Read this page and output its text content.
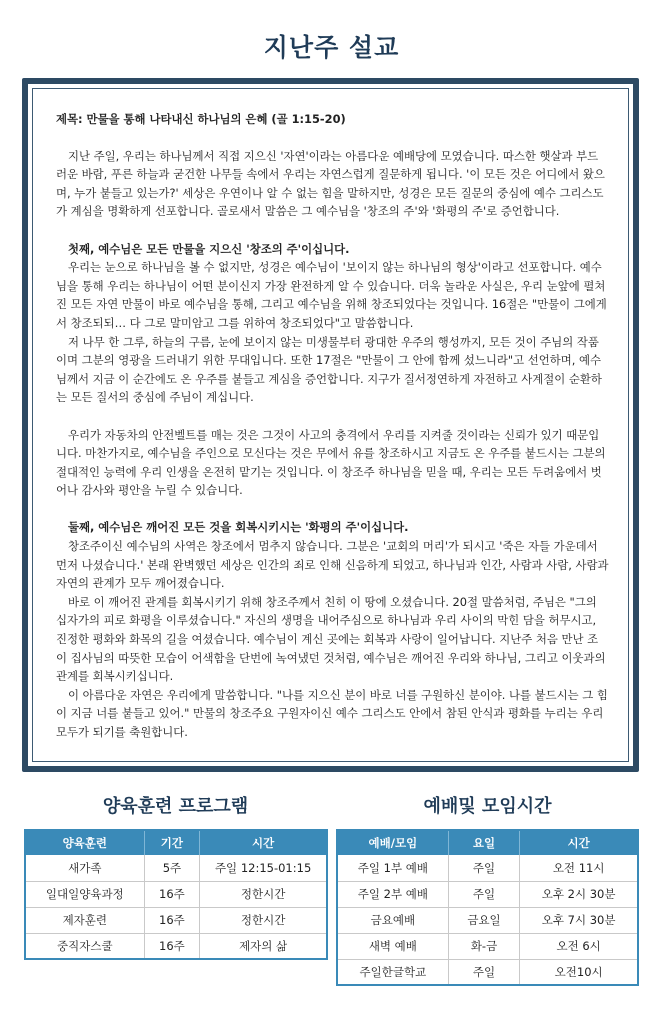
지난주 설교
제목: 만물을 통해 나타내신 하나님의 은혜 (골 1:15-20)

지난 주일, 우리는 하나님께서 직접 지으신 '자연'이라는 아름다운 예배당에 모였습니다. 따스한 햇살과 부드러운 바람, 푸른 하늘과 굳건한 나무들 속에서 우리는 자연스럽게 질문하게 됩니다. '이 모든 것은 어디에서 왔으며, 누가 붙들고 있는가?' 세상은 우연이나 알 수 없는 힘을 말하지만, 성경은 모든 질문의 중심에 예수 그리스도가 계심을 명확하게 선포합니다. 골로새서 말씀은 그 예수님을 '창조의 주'와 '화평의 주'로 증언합니다.

첫째, 예수님은 모든 만물을 지으신 '창조의 주'이십니다.

우리는 눈으로 하나님을 볼 수 없지만, 성경은 예수님이 '보이지 않는 하나님의 형상'이라고 선포합니다. 예수님을 통해 우리는 하나님이 어떤 분이신지 가장 완전하게 알 수 있습니다. 더욱 놀라운 사실은, 우리 눈앞에 펼쳐진 모든 자연 만물이 바로 예수님을 통해, 그리고 예수님을 위해 창조되었다는 것입니다. 16절은 "만물이 그에게서 창조되되… 다 그로 말미암고 그를 위하여 창조되었다"고 말씀합니다.

저 나무 한 그루, 하늘의 구름, 눈에 보이지 않는 미생물부터 광대한 우주의 행성까지, 모든 것이 주님의 작품이며 그분의 영광을 드러내기 위한 무대입니다. 또한 17절은 "만물이 그 안에 함께 섰느니라"고 선언하며, 예수님께서 지금 이 순간에도 온 우주를 붙들고 계심을 증언합니다. 지구가 질서정연하게 자전하고 사계절이 순환하는 모든 질서의 중심에 주님이 계십니다.

우리가 자동차의 안전벨트를 매는 것은 그것이 사고의 충격에서 우리를 지켜줄 것이라는 신뢰가 있기 때문입니다. 마찬가지로, 예수님을 주인으로 모신다는 것은 무에서 유를 창조하시고 지금도 온 우주를 붙드시는 그분의 절대적인 능력에 우리 인생을 온전히 맡기는 것입니다. 이 창조주 하나님을 믿을 때, 우리는 모든 두려움에서 벗어나 감사와 평안을 누릴 수 있습니다.

둘째, 예수님은 깨어진 모든 것을 회복시키시는 '화평의 주'이십니다.

창조주이신 예수님의 사역은 창조에서 멈추지 않습니다. 그분은 '교회의 머리'가 되시고 '죽은 자들 가운데서 먼저 나셨습니다.' 본래 완벽했던 세상은 인간의 죄로 인해 신음하게 되었고, 하나님과 인간, 사람과 사람, 사람과 자연의 관계가 모두 깨어졌습니다.

바로 이 깨어진 관계를 회복시키기 위해 창조주께서 친히 이 땅에 오셨습니다. 20절 말씀처럼, 주님은 "그의 십자가의 피로 화평을 이루셨습니다." 자신의 생명을 내어주심으로 하나님과 우리 사이의 막힌 담을 허무시고, 진정한 평화와 화목의 길을 여셨습니다. 예수님이 계신 곳에는 회복과 사랑이 일어납니다. 지난주 처음 만난 조이 집사님의 따뜻한 모습이 어색함을 단번에 녹여냈던 것처럼, 예수님은 깨어진 우리와 하나님, 그리고 이웃과의 관계를 회복시키십니다.

이 아름다운 자연은 우리에게 말씀합니다. "나를 지으신 분이 바로 너를 구원하신 분이야. 나를 붙드시는 그 힘이 지금 너를 붙들고 있어." 만물의 창조주요 구원자이신 예수 그리스도 안에서 참된 안식과 평화를 누리는 우리 모두가 되기를 축원합니다.

양육훈련 프로그램	예배및 모임시간
양육훈련	기간	시간
새가족	5주	주일 12:15-01:15
일대일양육과정	16주	정한시간
제자훈련	16주	정한시간
중직자스쿨	16주	제자의 삶
예배/모임	요일	시간
주일 1부 예배	주일	오전 11시
주일 2부 예배	주일	오후 2시 30분
금요예배	금요일	오후 7시 30분
새벽 예배	화-금	오전 6시
주일한글학교	주일	오전10시
